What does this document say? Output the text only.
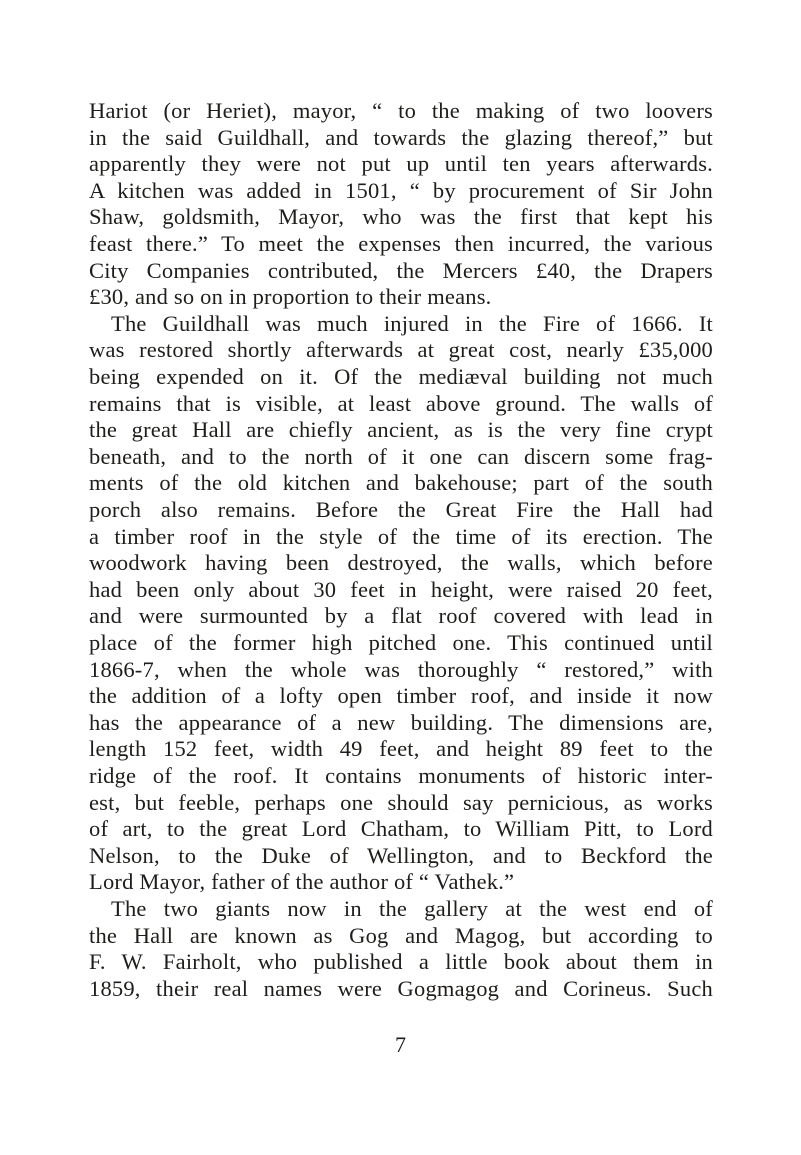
Hariot (or Heriet), mayor, “ to the making of two loovers
in the said Guildhall, and towards the glazing thereof,” but
apparently they were not put up until ten years afterwards.
A kitchen was added in 1501, “ by procurement of Sir John
Shaw, goldsmith, Mayor, who was the first that kept his
feast there.” To meet the expenses then incurred, the various
City Companies contributed, the Mercers £40, the Drapers
£30, and so on in proportion to their means.
The Guildhall was much injured in the Fire of 1666. It
was restored shortly afterwards at great cost, nearly £35,000
being expended on it. Of the mediæval building not much
remains that is visible, at least above ground. The walls of
the great Hall are chiefly ancient, as is the very fine crypt
beneath, and to the north of it one can discern some frag-
ments of the old kitchen and bakehouse; part of the south
porch also remains. Before the Great Fire the Hall had
a timber roof in the style of the time of its erection. The
woodwork having been destroyed, the walls, which before
had been only about 30 feet in height, were raised 20 feet,
and were surmounted by a flat roof covered with lead in
place of the former high pitched one. This continued until
1866-7, when the whole was thoroughly “ restored,” with
the addition of a lofty open timber roof, and inside it now
has the appearance of a new building. The dimensions are,
length 152 feet, width 49 feet, and height 89 feet to the
ridge of the roof. It contains monuments of historic inter-
est, but feeble, perhaps one should say pernicious, as works
of art, to the great Lord Chatham, to William Pitt, to Lord
Nelson, to the Duke of Wellington, and to Beckford the
Lord Mayor, father of the author of “ Vathek.”
The two giants now in the gallery at the west end of
the Hall are known as Gog and Magog, but according to
F. W. Fairholt, who published a little book about them in
1859, their real names were Gogmagog and Corineus. Such
7
